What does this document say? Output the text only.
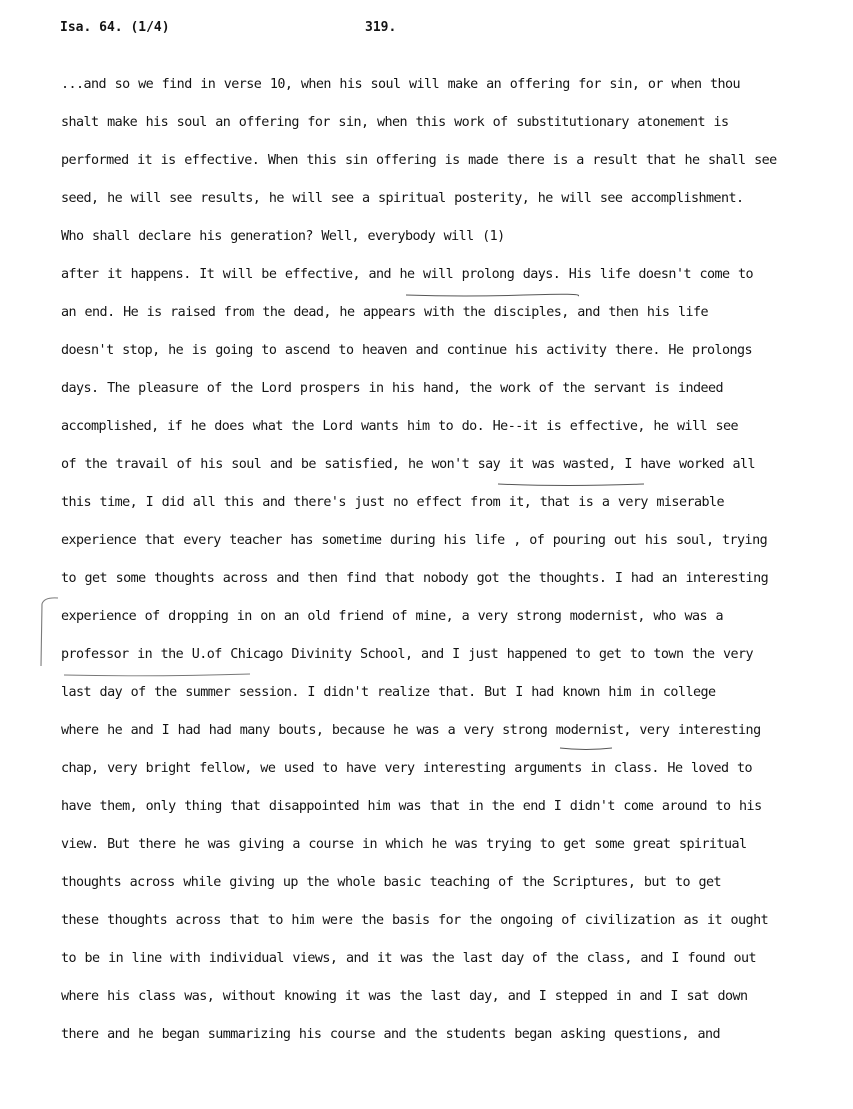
Isa. 64. (1/4)	319.
...and so we find in verse 10, when his soul will make an offering for sin, or when thou
shalt make his soul an offering for sin, when this work of substitutionary atonement is
performed it is effective. When this sin offering is made there is a result that he shall see
seed, he will see results, he will see a spiritual posterity, he will see accomplishment.
Who shall declare his generation? Well, everybody will (1)
after it happens. It will be effective, and he will prolong days. His life doesn't come to
an end. He is raised from the dead, he appears with the disciples, and then his life
doesn't stop, he is going to ascend to heaven and continue his activity there. He prolongs
days. The pleasure of the Lord prospers in his hand, the work of the servant is indeed
accomplished, if he does what the Lord wants him to do. He--it is effective, he will see
of the travail of his soul and be satisfied, he won't say it was wasted, I have worked all
this time, I did all this and there's just no effect from it, that is a very miserable
experience that every teacher has sometime during his life , of pouring out his soul, trying
to get some thoughts across and then find that nobody got the thoughts. I had an interesting
experience of dropping in on an old friend of mine, a very strong modernist, who was a
professor in the U.of Chicago Divinity School, and I just happened to get to town the very
last day of the summer session. I didn't realize that. But I had known him in college
where he and I had had many bouts, because he was a very strong modernist, very interesting
chap, very bright fellow, we used to have very interesting arguments in class. He loved to
have them, only thing that disappointed him was that in the end I didn't come around to his
view. But there he was giving a course in which he was trying to get some great spiritual
thoughts across while giving up the whole basic teaching of the Scriptures, but to get
these thoughts across that to him were the basis for the ongoing of civilization as it ought
to be in line with individual views, and it was the last day of the class, and I found out
where his class was, without knowing it was the last day, and I stepped in and I sat down
there and he began summarizing his course and the students began asking questions, and
